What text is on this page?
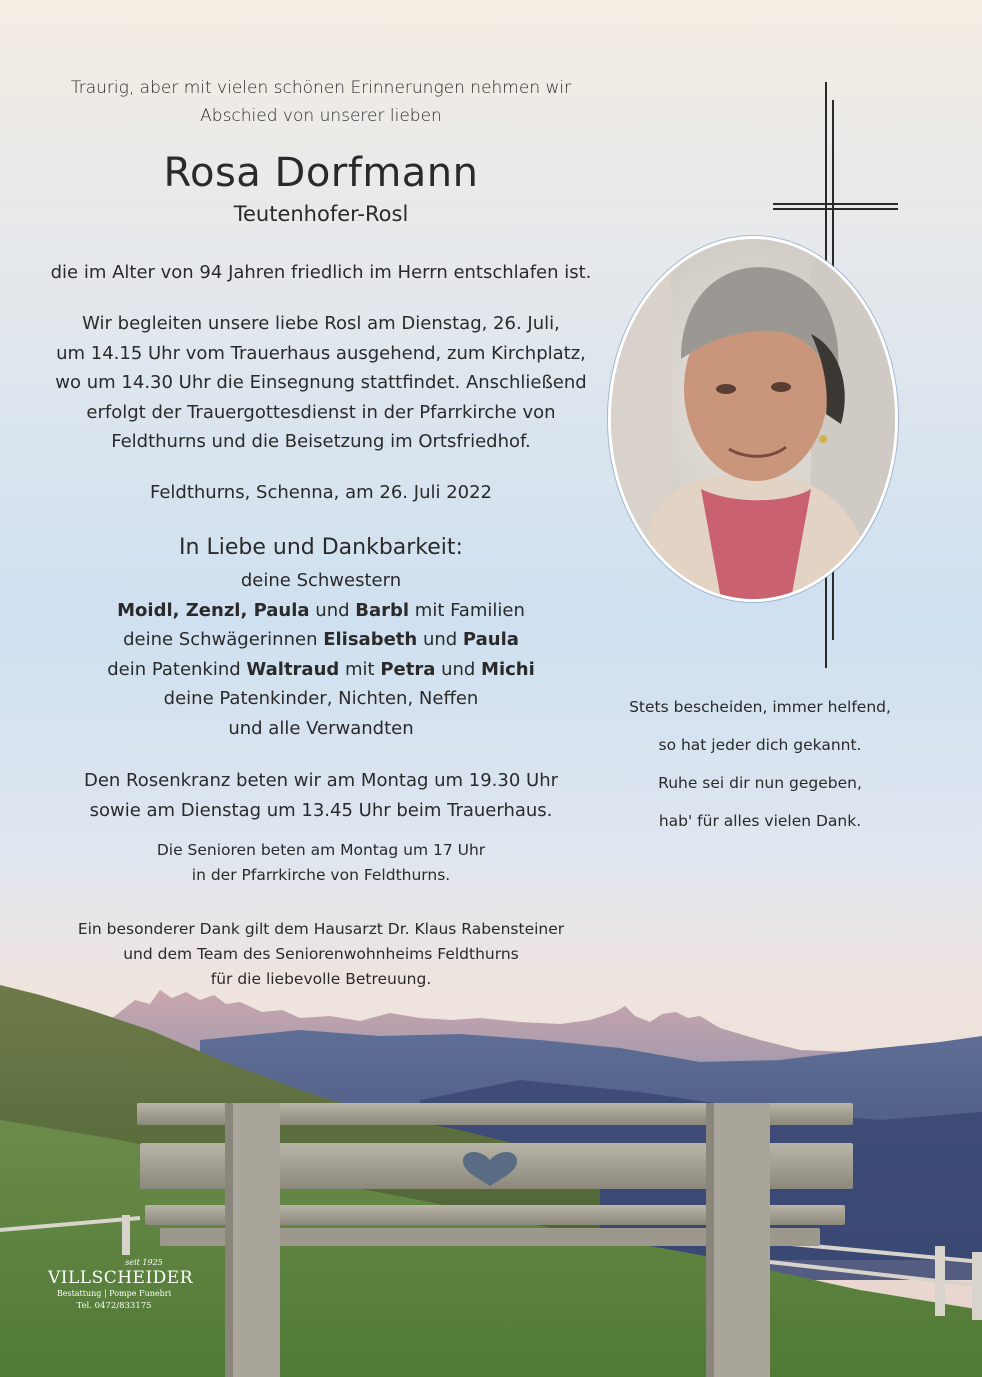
Traurig, aber mit vielen schönen Erinnerungen nehmen wir
Abschied von unserer lieben
Rosa Dorfmann
Teutenhofer-Rosl
die im Alter von 94 Jahren friedlich im Herrn entschlafen ist.
Wir begleiten unsere liebe Rosl am Dienstag, 26. Juli,
um 14.15 Uhr vom Trauerhaus ausgehend, zum Kirchplatz,
wo um 14.30 Uhr die Einsegnung stattfindet. Anschließend
erfolgt der Trauergottesdienst in der Pfarrkirche von
Feldthurns und die Beisetzung im Ortsfriedhof.
Feldthurns, Schenna, am 26. Juli 2022
In Liebe und Dankbarkeit:
deine Schwestern
Moidl, Zenzl, Paula und Barbl mit Familien
deine Schwägerinnen Elisabeth und Paula
dein Patenkind Waltraud mit Petra und Michi
deine Patenkinder, Nichten, Neffen
und alle Verwandten
Den Rosenkranz beten wir am Montag um 19.30 Uhr
sowie am Dienstag um 13.45 Uhr beim Trauerhaus.
Die Senioren beten am Montag um 17 Uhr
in der Pfarrkirche von Feldthurns.
Ein besonderer Dank gilt dem Hausarzt Dr. Klaus Rabensteiner
und dem Team des Seniorenwohnheims Feldthurns
für die liebevolle Betreuung.
Stets bescheiden, immer helfend,
so hat jeder dich gekannt.
Ruhe sei dir nun gegeben,
hab' für alles vielen Dank.
seit 1925
VILLSCHEIDER
Bestattung | Pompe Funebri
Tel. 0472/833175
